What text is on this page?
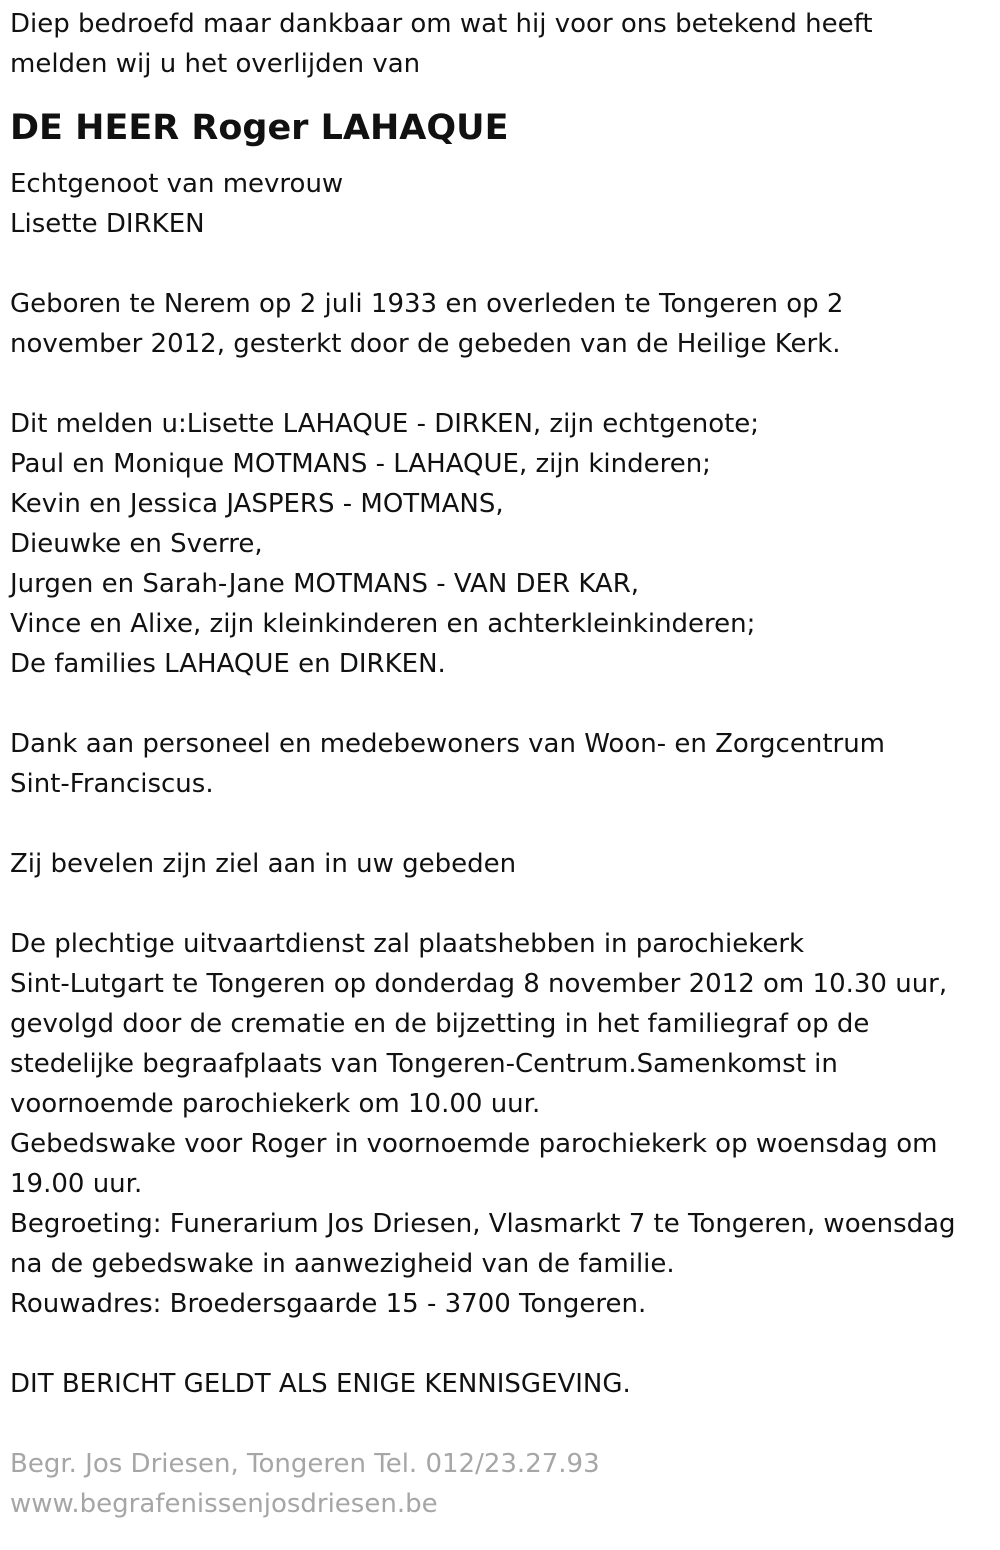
Diep bedroefd maar dankbaar om wat hij voor ons betekend heeft
melden wij u het overlijden van
DE HEER Roger LAHAQUE
Echtgenoot van mevrouw
Lisette DIRKEN
Geboren te Nerem op 2 juli 1933 en overleden te Tongeren op 2
november 2012, gesterkt door de gebeden van de Heilige Kerk.
Dit melden u:Lisette LAHAQUE - DIRKEN, zijn echtgenote;
Paul en Monique MOTMANS - LAHAQUE, zijn kinderen;
Kevin en Jessica JASPERS - MOTMANS,
Dieuwke en Sverre,
Jurgen en Sarah-Jane MOTMANS - VAN DER KAR,
Vince en Alixe, zijn kleinkinderen en achterkleinkinderen;
De families LAHAQUE en DIRKEN.
Dank aan personeel en medebewoners van Woon- en Zorgcentrum
Sint-Franciscus.
Zij bevelen zijn ziel aan in uw gebeden
De plechtige uitvaartdienst zal plaatshebben in parochiekerk
Sint-Lutgart te Tongeren op donderdag 8 november 2012 om 10.30 uur,
gevolgd door de crematie en de bijzetting in het familiegraf op de
stedelijke begraafplaats van Tongeren-Centrum.Samenkomst in
voornoemde parochiekerk om 10.00 uur.
Gebedswake voor Roger in voornoemde parochiekerk op woensdag om
19.00 uur.
Begroeting: Funerarium Jos Driesen, Vlasmarkt 7 te Tongeren, woensdag
na de gebedswake in aanwezigheid van de familie.
Rouwadres: Broedersgaarde 15 - 3700 Tongeren.
DIT BERICHT GELDT ALS ENIGE KENNISGEVING.
Begr. Jos Driesen, Tongeren Tel. 012/23.27.93
www.begrafenissenjosdriesen.be
